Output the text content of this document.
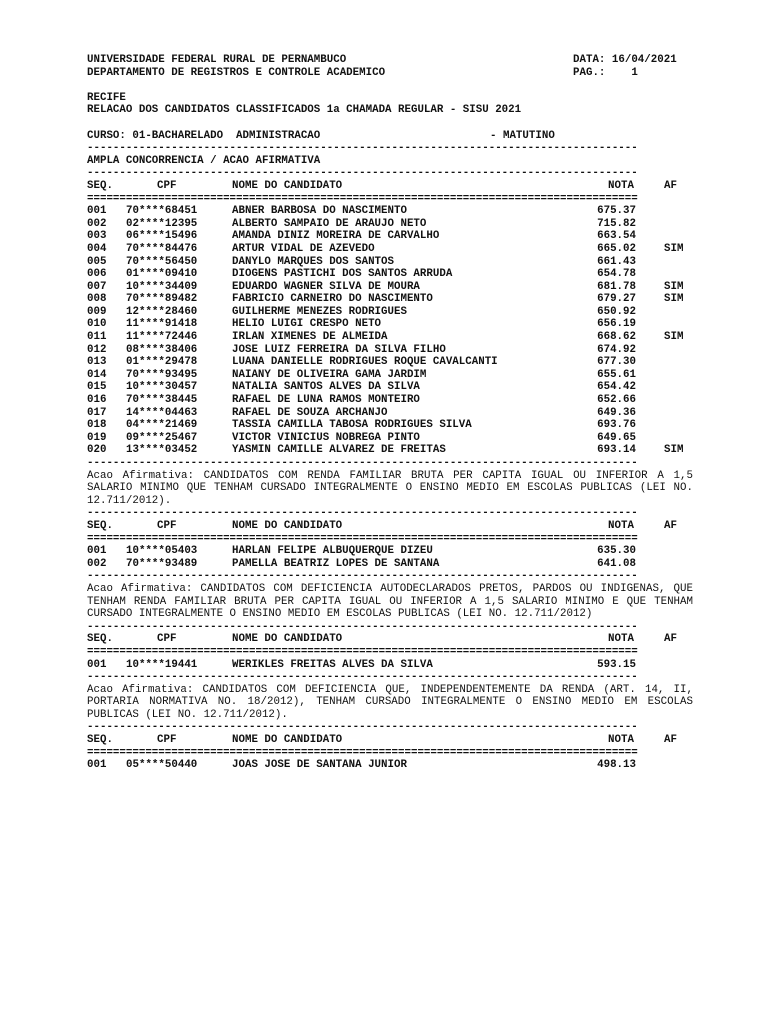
UNIVERSIDADE FEDERAL RURAL DE PERNAMBUCO

	DATA: 16/04/2021

DEPARTAMENTO DE REGISTROS E CONTROLE ACADEMICO

	PAG.:    1

RECIFE
RELACAO DOS CANDIDATOS CLASSIFICADOS 1a CHAMADA REGULAR - SISU 2021

CURSO: 01-BACHARELADO  ADMINISTRACAO

	- MATUTINO

-------------------------------------------------------------------------------------
AMPLA CONCORRENCIA / ACAO AFIRMATIVA
-------------------------------------------------------------------------------------
SEQ.	CPF	NOME DO CANDIDATO	NOTA	AF
=====================================================================================
001 70****68451	ABNER BARBOSA DO NASCIMENTO	675.37
002 02****12395	ALBERTO SAMPAIO DE ARAUJO NETO	715.82
003 06****15496	AMANDA DINIZ MOREIRA DE CARVALHO	663.54
004 70****84476	ARTUR VIDAL DE AZEVEDO	665.02	SIM
005 70****56450	DANYLO MARQUES DOS SANTOS	661.43
006 01****09410	DIOGENS PASTICHI DOS SANTOS ARRUDA	654.78
007 10****34409	EDUARDO WAGNER SILVA DE MOURA	681.78	SIM
008 70****89482	FABRICIO CARNEIRO DO NASCIMENTO	679.27	SIM
009 12****28460	GUILHERME MENEZES RODRIGUES	650.92
010 11****91418	HELIO LUIGI CRESPO NETO	656.19
011 11****72446	IRLAN XIMENES DE ALMEIDA	668.62	SIM
012 08****38406	JOSE LUIZ FERREIRA DA SILVA FILHO	674.92
013 01****29478	LUANA DANIELLE RODRIGUES ROQUE CAVALCANTI	677.30
014 70****93495	NAIANY DE OLIVEIRA GAMA JARDIM	655.61
015 10****30457	NATALIA SANTOS ALVES DA SILVA	654.42
016 70****38445	RAFAEL DE LUNA RAMOS MONTEIRO	652.66
017 14****04463	RAFAEL DE SOUZA ARCHANJO	649.36
018 04****21469	TASSIA CAMILLA TABOSA RODRIGUES SILVA	693.76
019 09****25467	VICTOR VINICIUS NOBREGA PINTO	649.65
020 13****03452	YASMIN CAMILLE ALVAREZ DE FREITAS	693.14	SIM
-------------------------------------------------------------------------------------
Acao Afirmativa: CANDIDATOS COM RENDA FAMILIAR BRUTA PER CAPITA IGUAL OU INFERIOR A 1,5 SALARIO MINIMO QUE TENHAM CURSADO INTEGRALMENTE O ENSINO MEDIO EM ESCOLAS PUBLICAS (LEI NO. 12.711/2012).
-------------------------------------------------------------------------------------
SEQ.	CPF	NOME DO CANDIDATO	NOTA	AF
=====================================================================================
001 10****05403	HARLAN FELIPE ALBUQUERQUE DIZEU	635.30
002 70****93489	PAMELLA BEATRIZ LOPES DE SANTANA	641.08
-------------------------------------------------------------------------------------
Acao Afirmativa: CANDIDATOS COM DEFICIENCIA AUTODECLARADOS PRETOS, PARDOS OU INDIGENAS, QUE TENHAM RENDA FAMILIAR BRUTA PER CAPITA IGUAL OU INFERIOR A 1,5 SALARIO MINIMO E QUE TENHAM CURSADO INTEGRALMENTE O ENSINO MEDIO EM ESCOLAS PUBLICAS (LEI NO. 12.711/2012)
-------------------------------------------------------------------------------------
SEQ.	CPF	NOME DO CANDIDATO	NOTA	AF
=====================================================================================
001 10****19441	WERIKLES FREITAS ALVES DA SILVA	593.15
-------------------------------------------------------------------------------------
Acao Afirmativa: CANDIDATOS COM DEFICIENCIA QUE, INDEPENDENTEMENTE DA RENDA (ART. 14, II, PORTARIA NORMATIVA NO. 18/2012), TENHAM CURSADO INTEGRALMENTE O ENSINO MEDIO EM ESCOLAS PUBLICAS (LEI NO. 12.711/2012).
-------------------------------------------------------------------------------------
SEQ.	CPF	NOME DO CANDIDATO	NOTA	AF
=====================================================================================
001 05****50440	JOAS JOSE DE SANTANA JUNIOR	498.13
